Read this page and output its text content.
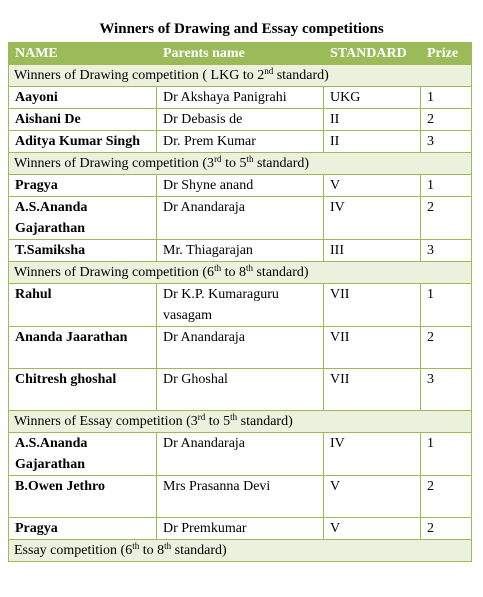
Winners of Drawing and Essay competitions
NAME	Parents name	STANDARD	Prize
Winners of Drawing competition ( LKG to 2nd standard)			
Aayoni	Dr Akshaya Panigrahi	UKG	1
Aishani De	Dr Debasis de	II	2
Aditya Kumar Singh	Dr. Prem Kumar	II	3
Winners of Drawing competition (3rd to 5th standard)			
Pragya	Dr Shyne anand	V	1
A.S.Ananda Gajarathan	Dr Anandaraja	IV	2
T.Samiksha	Mr. Thiagarajan	III	3
Winners of Drawing competition (6th to 8th standard)			
Rahul	Dr K.P. Kumaraguru vasagam	VII	1
Ananda Jaarathan	Dr Anandaraja	VII	2
Chitresh ghoshal	Dr Ghoshal	VII	3
Winners of Essay competition (3rd to 5th standard)			
A.S.Ananda Gajarathan	Dr Anandaraja	IV	1
B.Owen Jethro	Mrs Prasanna Devi	V	2
Pragya	Dr Premkumar	V	2
Essay competition (6th to 8th standard)			
